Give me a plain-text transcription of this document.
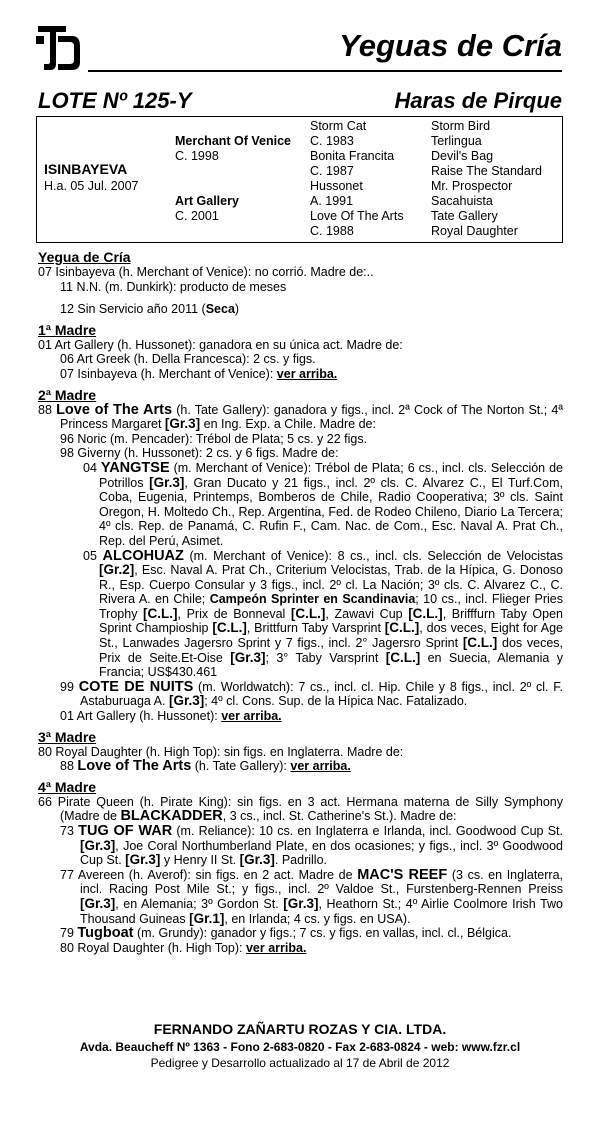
Yeguas de Cría
LOTE Nº 125-Y	Haras de Pirque
ISINBAYEVA
H.a. 05 Jul. 2007
Merchant Of Venice
C. 1998
Art Gallery
C. 2001
Storm Cat
C. 1983
Bonita Francita
C. 1987
Hussonet
A. 1991
Love Of The Arts
C. 1988
Storm Bird
Terlingua
Devil's Bag
Raise The Standard
Mr. Prospector
Sacahuista
Tate Gallery
Royal Daughter
Yegua de Cría

07 Isinbayeva (h. Merchant of Venice): no corrió. Madre de:..

11 N.N. (m. Dunkirk): producto de meses

12 Sin Servicio año 2011 (Seca)

1ª Madre

01 Art Gallery (h. Hussonet): ganadora en su única act. Madre de:

06 Art Greek (h. Della Francesca): 2 cs. y figs.

07 Isinbayeva (h. Merchant of Venice): ver arriba.

2ª Madre

88 Love of The Arts (h. Tate Gallery): ganadora y figs., incl. 2ª Cock of The Norton St.; 4ª Princess Margaret [Gr.3] en Ing. Exp. a Chile. Madre de:

96 Noric (m. Pencader): Trébol de Plata; 5 cs. y 22 figs.

98 Giverny (h. Hussonet): 2 cs. y 6 figs. Madre de:

04 YANGTSE (m. Merchant of Venice): Trébol de Plata; 6 cs., incl. cls. Selección de Potrillos [Gr.3], Gran Ducato y 21 figs., incl. 2º cls. C. Alvarez C., El Turf.Com, Coba, Eugenia, Printemps, Bomberos de Chile, Radio Cooperativa; 3º cls. Saint Oregon, H. Moltedo Ch., Rep. Argentina, Fed. de Rodeo Chileno, Diario La Tercera; 4º cls. Rep. de Panamá, C. Rufin F., Cam. Nac. de Com., Esc. Naval A. Prat Ch., Rep. del Perú, Asimet.

05 ALCOHUAZ (m. Merchant of Venice): 8 cs., incl. cls. Selección de Velocistas [Gr.2], Esc. Naval A. Prat Ch., Criterium Velocistas, Trab. de la Hípica, G. Donoso R., Esp. Cuerpo Consular y 3 figs., incl. 2º cl. La Nación; 3º cls. C. Alvarez C., C. Rivera A. en Chile; Campeón Sprinter en Scandinavia; 10 cs., incl. Flieger Pries Trophy [C.L.], Prix de Bonneval [C.L.], Zawavi Cup [C.L.], Brifffurn Taby Open Sprint Champioship [C.L.], Brittfurn Taby Varsprint [C.L.], dos veces, Eight for Age St., Lanwades Jagersro Sprint y 7 figs., incl. 2° Jagersro Sprint [C.L.] dos veces, Prix de Seite.Et-Oise [Gr.3]; 3° Taby Varsprint [C.L.] en Suecia, Alemania y Francia; US$430.461

99 COTE DE NUITS (m. Worldwatch): 7 cs., incl. cl. Hip. Chile y 8 figs., incl. 2º cl. F. Astaburuaga A. [Gr.3]; 4º cl. Cons. Sup. de la Hípica Nac. Fatalizado.

01 Art Gallery (h. Hussonet): ver arriba.

3ª Madre

80 Royal Daughter (h. High Top): sin figs. en Inglaterra. Madre de:

88 Love of The Arts (h. Tate Gallery): ver arriba.

4ª Madre

66 Pirate Queen (h. Pirate King): sin figs. en 3 act. Hermana materna de Silly Symphony (Madre de BLACKADDER, 3 cs., incl. St. Catherine's St.). Madre de:

73 TUG OF WAR (m. Reliance): 10 cs. en Inglaterra e Irlanda, incl. Goodwood Cup St. [Gr.3], Joe Coral Northumberland Plate, en dos ocasiones; y figs., incl. 3º Goodwood Cup St. [Gr.3] y Henry II St. [Gr.3]. Padrillo.

77 Avereen (h. Averof): sin figs. en 2 act. Madre de MAC'S REEF (3 cs. en Inglaterra, incl. Racing Post Mile St.; y figs., incl. 2º Valdoe St., Furstenberg-Rennen Preiss [Gr.3], en Alemania; 3º Gordon St. [Gr.3], Heathorn St.; 4º Airlie Coolmore Irish Two Thousand Guineas [Gr.1], en Irlanda; 4 cs. y figs. en USA).

79 Tugboat (m. Grundy): ganador y figs.; 7 cs. y figs. en vallas, incl. cl., Bélgica.

80 Royal Daughter (h. High Top): ver arriba.

FERNANDO ZAÑARTU ROZAS Y CIA. LTDA.
Avda. Beaucheff Nº 1363 - Fono 2-683-0820 - Fax 2-683-0824 - web: www.fzr.cl
Pedigree y Desarrollo actualizado al 17 de Abril de 2012
